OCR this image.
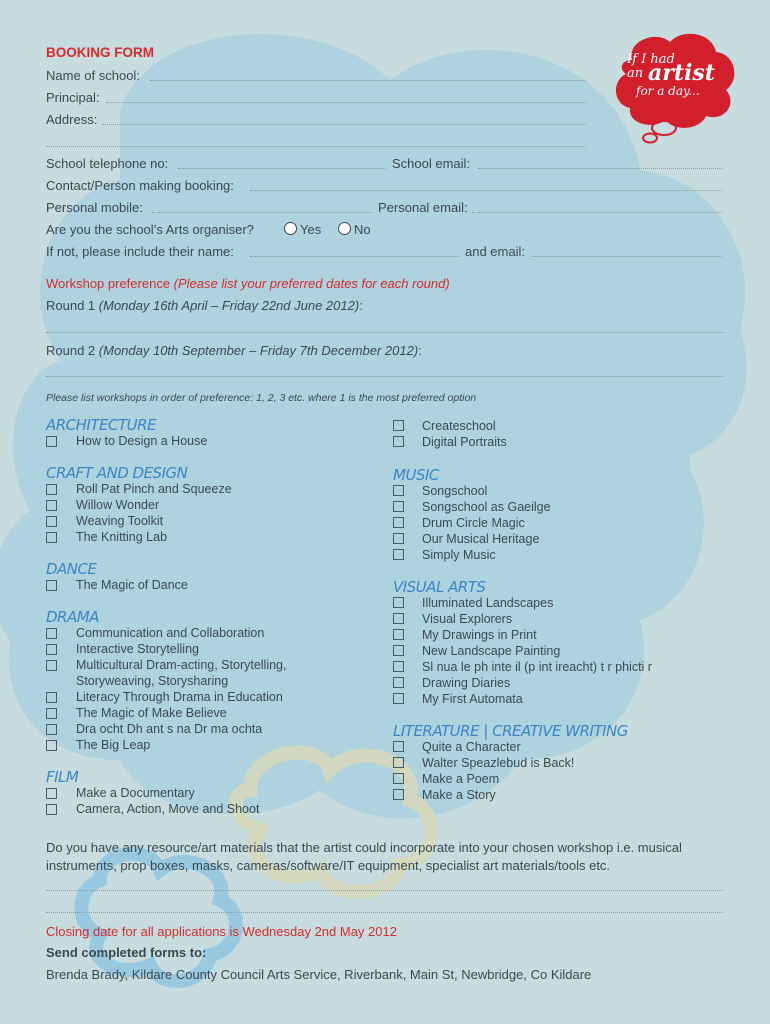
If I had
an artist
for a day...
BOOKING FORM
Name of school:
Principal:
Address:
School telephone no:	School email:
Contact/Person making booking:
Personal mobile:	Personal email:
Are you the school’s Arts organiser?	Yes	No
If not, please include their name:	and email:
Workshop preference (Please list your preferred dates for each round)
Round 1 (Monday 16th April – Friday 22nd June 2012):
Round 2 (Monday 10th September – Friday 7th December 2012):
Please list workshops in order of preference: 1, 2, 3 etc. where 1 is the most preferred option
ARCHITECTURE
How to Design a House
CRAFT AND DESIGN
Roll Pat Pinch and Squeeze
Willow Wonder
Weaving Toolkit
The Knitting Lab
DANCE
The Magic of Dance
DRAMA
Communication and Collaboration
Interactive Storytelling
Multicultural Dram-acting, Storytelling,
Storyweaving, Storysharing
Literacy Through Drama in Education
The Magic of Make Believe
Dra ocht Dh ant s na Dr ma ochta
The Big Leap
FILM
Make a Documentary
Camera, Action, Move and Shoot
Createschool
Digital Portraits
MUSIC
Songschool
Songschool as Gaeilge
Drum Circle Magic
Our Musical Heritage
Simply Music
VISUAL ARTS
Illuminated Landscapes
Visual Explorers
My Drawings in Print
New Landscape Painting
Sl nua le ph inte il (p int ireacht) t r phicti r
Drawing Diaries
My First Automata
LITERATURE | CREATIVE WRITING
Quite a Character
Walter Speazlebud is Back!
Make a Poem
Make a Story
Do you have any resource/art materials that the artist could incorporate into your chosen workshop i.e. musical
instruments, prop boxes, masks, cameras/software/IT equipment, specialist art materials/tools etc.
Closing date for all applications is Wednesday 2nd May 2012
Send completed forms to:
Brenda Brady, Kildare County Council Arts Service, Riverbank, Main St, Newbridge, Co Kildare
